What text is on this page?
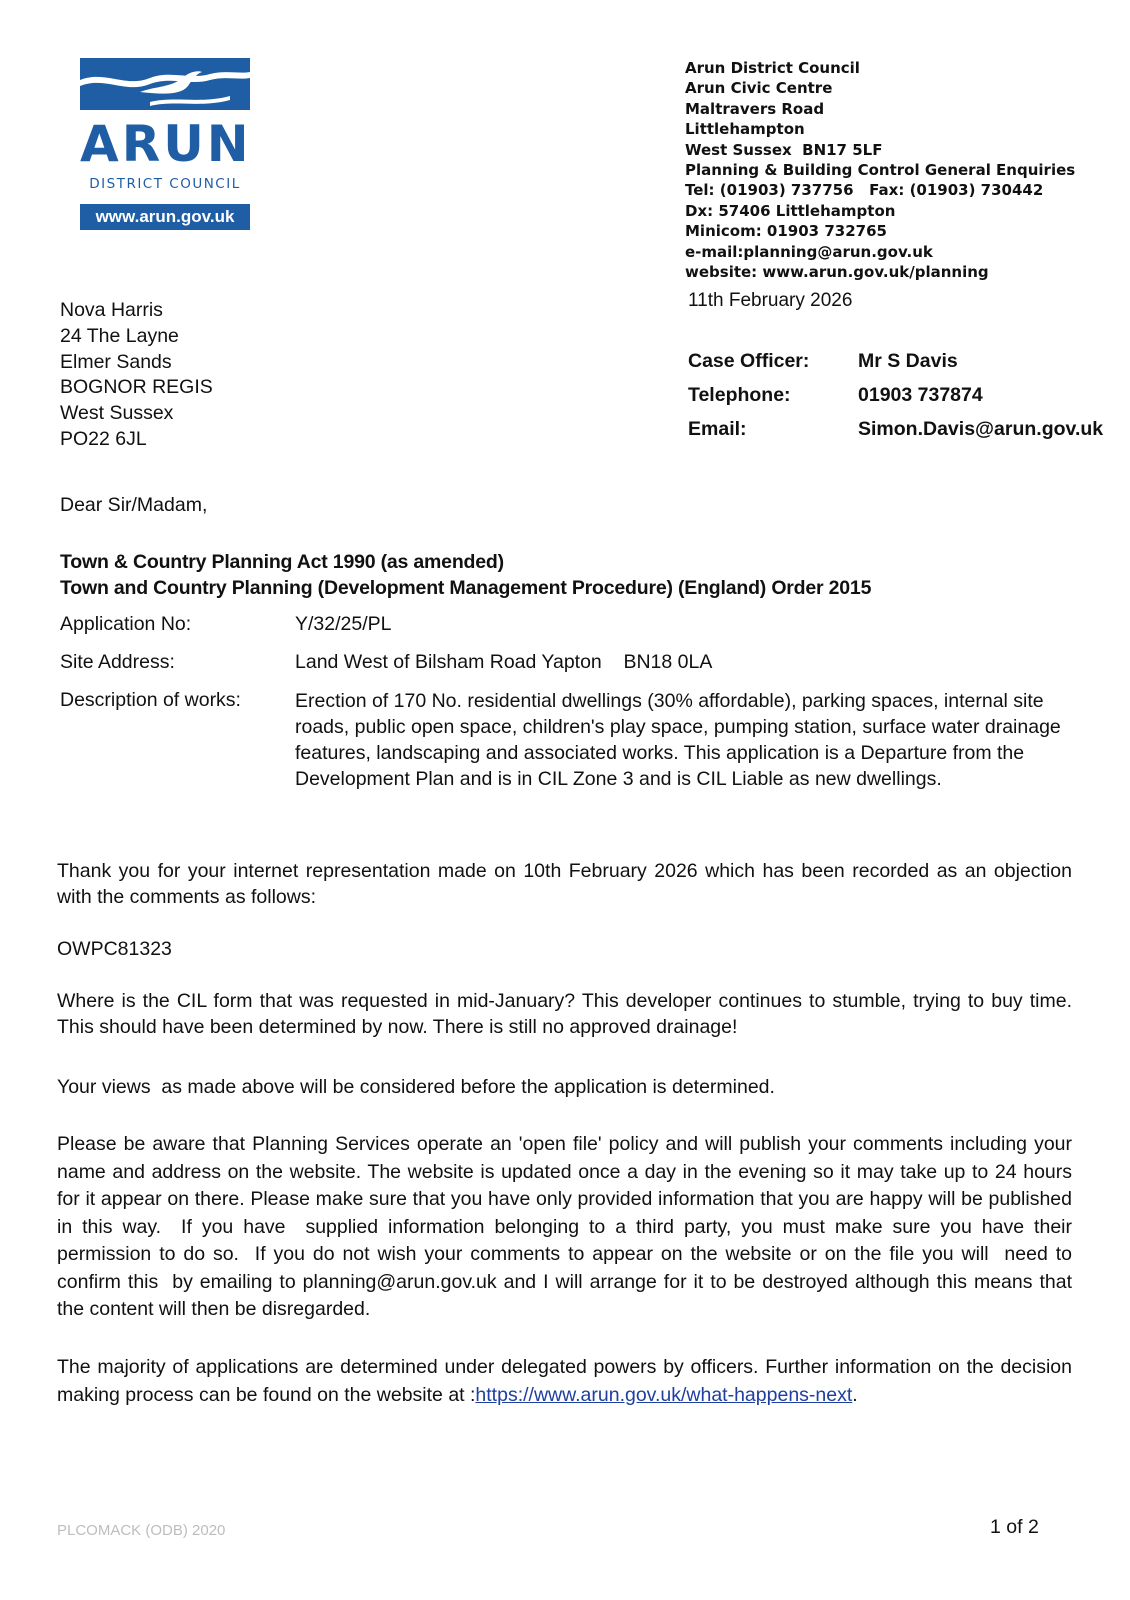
ARUN
DISTRICT COUNCIL
www.arun.gov.uk
Arun District Council
Arun Civic Centre
Maltravers Road
Littlehampton
West Sussex  BN17 5LF
Planning & Building Control General Enquiries
Tel: (01903) 737756   Fax: (01903) 730442
Dx: 57406 Littlehampton
Minicom: 01903 732765
e-mail:planning@arun.gov.uk
website: www.arun.gov.uk/planning
11th February 2026
Case Officer: Mr S Davis
Telephone:	01903 737874
Email:	Simon.Davis@arun.gov.uk
Nova Harris
24 The Layne
Elmer Sands
BOGNOR REGIS
West Sussex
PO22 6JL
Dear Sir/Madam,
Town & Country Planning Act 1990 (as amended)
Town and Country Planning (Development Management Procedure) (England) Order 2015
Application No:	Y/32/25/PL
Site Address:	Land West of Bilsham Road Yapton    BN18 0LA
Description of works:	Erection of 170 No. residential dwellings (30% affordable), parking spaces, internal site roads, public open space, children's play space, pumping station, surface water drainage features, landscaping and associated works. This application is a Departure from the Development Plan and is in CIL Zone 3 and is CIL Liable as new dwellings.
Thank you for your internet representation made on 10th February 2026 which has been recorded as an objection with the comments as follows:
OWPC81323
Where is the CIL form that was requested in mid-January? This developer continues to stumble, trying to buy time. This should have been determined by now. There is still no approved drainage!
Your views  as made above will be considered before the application is determined.
Please be aware that Planning Services operate an 'open file' policy and will publish your comments including your name and address on the website. The website is updated once a day in the evening so it may take up to 24 hours for it appear on there. Please make sure that you have only provided information that you are happy will be published in this way.  If you have  supplied information belonging to a third party, you must make sure you have their permission to do so.  If you do not wish your comments to appear on the website or on the file you will  need to confirm this  by emailing to planning@arun.gov.uk and I will arrange for it to be destroyed although this means that  the content will then be disregarded.
The majority of applications are determined under delegated powers by officers. Further information on the decision making process can be found on the website at :https://www.arun.gov.uk/what-happens-next.
PLCOMACK (ODB) 2020	1 of 2
